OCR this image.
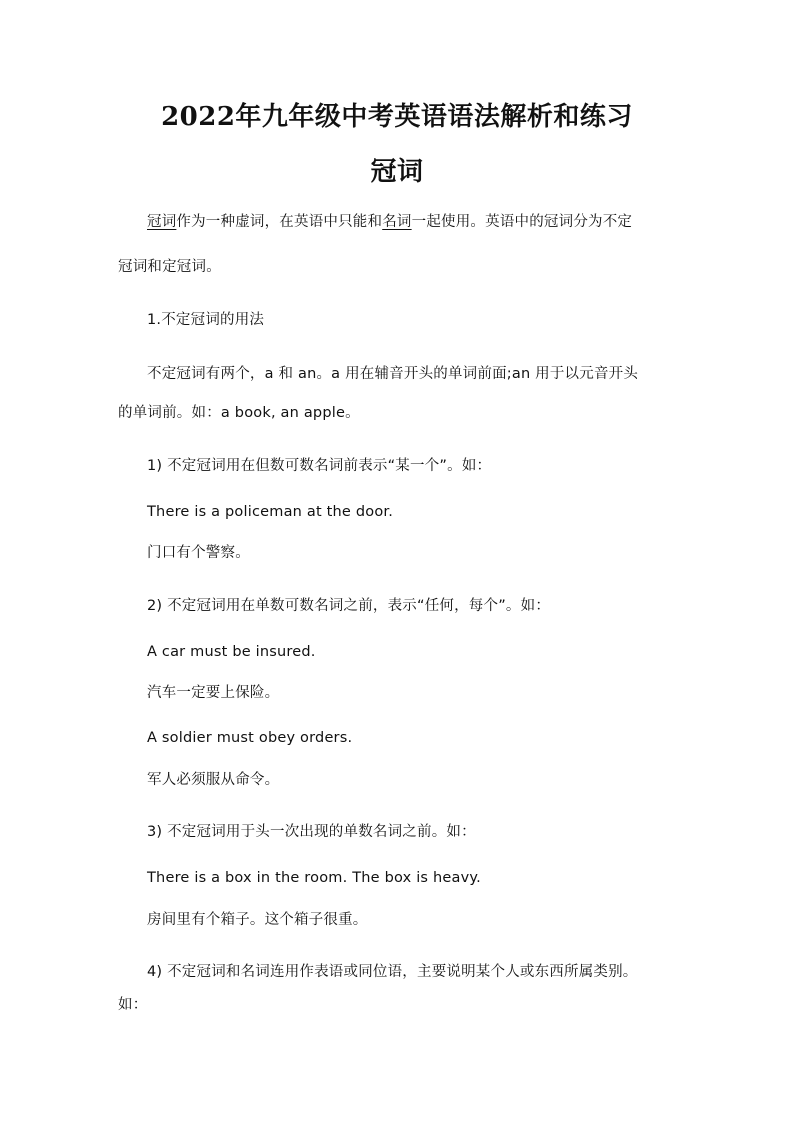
2022年九年级中考英语语法解析和练习
冠词
冠词作为一种虚词，在英语中只能和名词一起使用。英语中的冠词分为不定
冠词和定冠词。
1.不定冠词的用法
不定冠词有两个，a 和 an。a 用在辅音开头的单词前面;an 用于以元音开头
的单词前。如：a book, an apple。
1) 不定冠词用在但数可数名词前表示“某一个”。如：
There is a policeman at the door.
门口有个警察。
2) 不定冠词用在单数可数名词之前，表示“任何，每个”。如：
A car must be insured.
汽车一定要上保险。
A soldier must obey orders.
军人必须服从命令。
3) 不定冠词用于头一次出现的单数名词之前。如：
There is a box in the room. The box is heavy.
房间里有个箱子。这个箱子很重。
4) 不定冠词和名词连用作表语或同位语，主要说明某个人或东西所属类别。
如：
